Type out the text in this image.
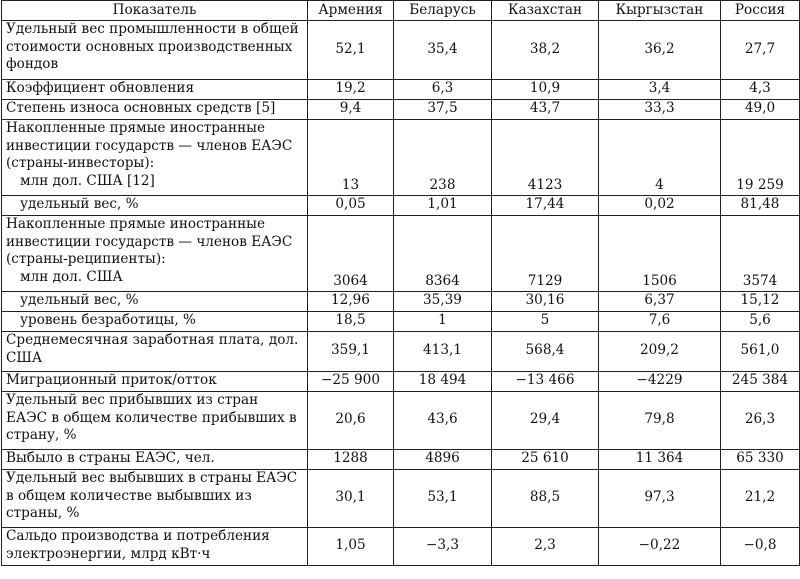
Показатель	Армения	Беларусь	Казахстан	Кыргызстан	Россия
Удельный вес промышленности в общей стоимости основных производственных фондов	52,1	35,4	38,2	36,2	27,7
Коэффициент обновления	19,2	6,3	10,9	3,4	4,3
Степень износа основных средств [5]	9,4	37,5	43,7	33,3	49,0
Накопленные прямые иностранные инвестиции государств — членов ЕАЭС (страны-инвесторы):
млн дол. США [12]	13	238	4123	4	19 259
удельный вес, %	0,05	1,01	17,44	0,02	81,48
Накопленные прямые иностранные инвестиции государств — членов ЕАЭС (страны-реципиенты):
млн дол. США	3064	8364	7129	1506	3574
удельный вес, %	12,96	35,39	30,16	6,37	15,12
уровень безработицы, %	18,5	1	5	7,6	5,6
Среднемесячная заработная плата, дол. США	359,1	413,1	568,4	209,2	561,0
Миграционный приток/отток	−25 900	18 494	−13 466	−4229	245 384
Удельный вес прибывших из стран ЕАЭС в общем количестве прибывших в страну, %	20,6	43,6	29,4	79,8	26,3
Выбыло в страны ЕАЭС, чел.	1288	4896	25 610	11 364	65 330
Удельный вес выбывших в страны ЕАЭС в общем количестве выбывших из страны, %	30,1	53,1	88,5	97,3	21,2
Сальдо производства и потребления электроэнергии, млрд кВт·ч	1,05	−3,3	2,3	−0,22	−0,8
